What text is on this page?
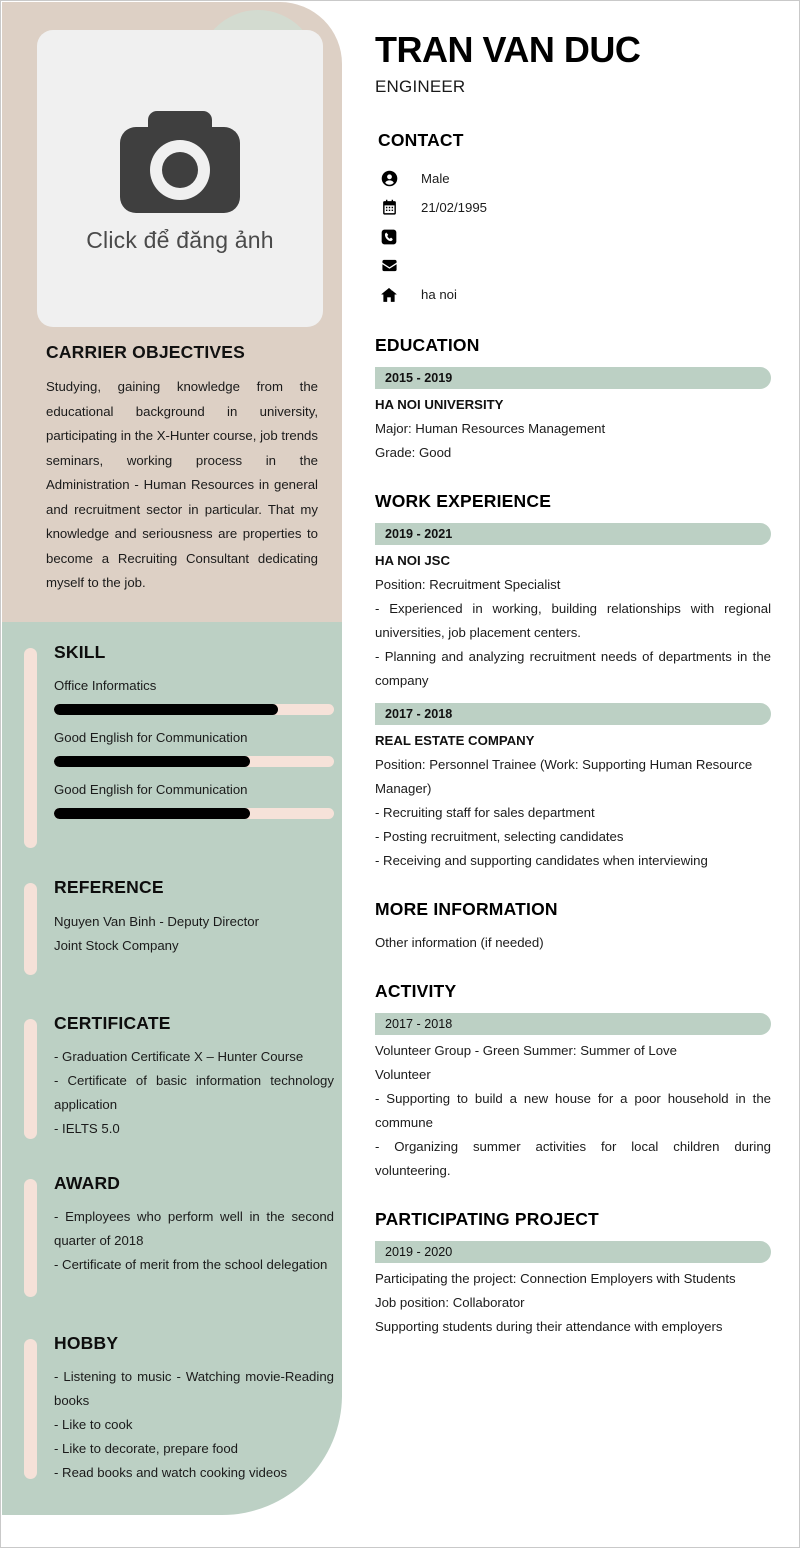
Click để đăng ảnh
CARRIER OBJECTIVES
Studying, gaining knowledge from the educational background in university, participating in the X-Hunter course, job trends seminars, working process in the Administration - Human Resources in general and recruitment sector in particular. That my knowledge and seriousness are properties to become a Recruiting Consultant dedicating myself to the job.
SKILL
Office Informatics
Good English for Communication
Good English for Communication
REFERENCE
Nguyen Van Binh - Deputy Director
Joint Stock Company
CERTIFICATE
- Graduation Certificate X – Hunter Course
- Certificate of basic information technology application
- IELTS 5.0
AWARD
- Employees who perform well in the second quarter of 2018
- Certificate of merit from the school delegation
HOBBY
- Listening to music - Watching movie-Reading books
- Like to cook
- Like to decorate, prepare food
- Read books and watch cooking videos
TRAN VAN DUC
ENGINEER
CONTACT
Male
21/02/1995
ha noi
EDUCATION
2015 - 2019
HA NOI UNIVERSITY
Major: Human Resources Management
Grade: Good
WORK EXPERIENCE
2019 - 2021
HA NOI JSC
Position: Recruitment Specialist
- Experienced in working, building relationships with regional universities, job placement centers.
- Planning and analyzing recruitment needs of departments in the company
2017 - 2018
REAL ESTATE COMPANY
Position: Personnel Trainee (Work: Supporting Human Resource Manager)
- Recruiting staff for sales department
- Posting recruitment, selecting candidates
- Receiving and supporting candidates when interviewing
MORE INFORMATION
Other information (if needed)
ACTIVITY
2017 - 2018
Volunteer Group - Green Summer: Summer of Love
Volunteer
- Supporting to build a new house for a poor household in the commune
- Organizing summer activities for local children during volunteering.
PARTICIPATING PROJECT
2019 - 2020
Participating the project: Connection Employers with Students
Job position: Collaborator
Supporting students during their attendance with employers
